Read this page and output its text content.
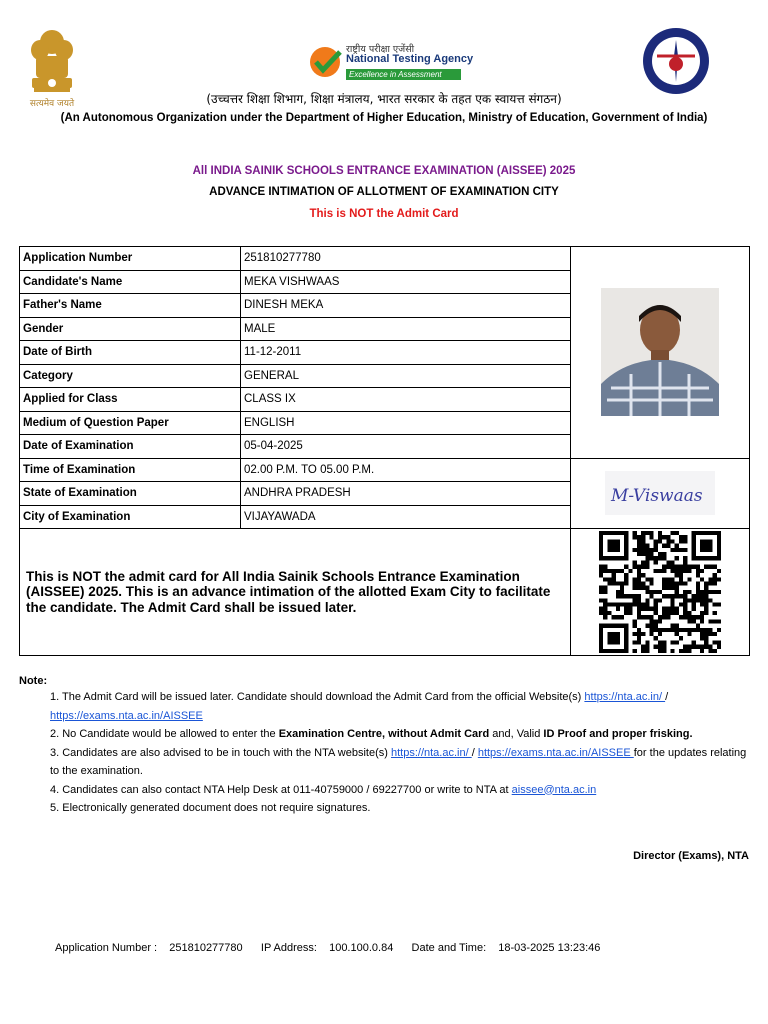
सत्यमेव जयते
राष्ट्रीय परीक्षा एजेंसी
National Testing Agency
Excellence in Assessment
(उच्चत्तर शिक्षा शिभाग, शिक्षा मंत्रालय, भारत सरकार के तहत एक स्वायत्त संगठन)
(An Autonomous Organization under the Department of Higher Education, Ministry of Education, Government of India)
All INDIA SAINIK SCHOOLS ENTRANCE EXAMINATION (AISSEE) 2025
ADVANCE INTIMATION OF ALLOTMENT OF EXAMINATION CITY
This is NOT the Admit Card
Application Number	251810277780	

Candidate's Name	MEKA VISHWAAS	
Father's Name	DINESH MEKA	
Gender	MALE	
Date of Birth	11-12-2011	
Category	GENERAL	
Applied for Class	CLASS IX	
Medium of Question Paper	ENGLISH	
Date of Examination	05-04-2025	
Time of Examination	02.00 P.M. TO 05.00 P.M.	M-Viswaas

State of Examination	ANDHRA PRADESH	
City of Examination	VIJAYAWADA	
This is NOT the admit card for All India Sainik Schools Entrance Examination (AISSEE) 2025. This is an advance intimation of the allotted Exam City to facilitate the candidate. The Admit Card shall be issued later.	
Note:
1. The Admit Card will be issued later. Candidate should download the Admit Card from the official Website(s) https://nta.ac.in/ / https://exams.nta.ac.in/AISSEE
2. No Candidate would be allowed to enter the Examination Centre, without Admit Card and, Valid ID Proof and proper frisking.
3. Candidates are also advised to be in touch with the NTA website(s) https://nta.ac.in/ / https://exams.nta.ac.in/AISSEE for the updates relating to the examination.
4. Candidates can also contact NTA Help Desk at 011-40759000 / 69227700 or write to NTA at aissee@nta.ac.in
5. Electronically generated document does not require signatures.
Director (Exams), NTA
Application Number : 251810277780 IP Address: 100.100.0.84 Date and Time: 18-03-2025 13:23:46
